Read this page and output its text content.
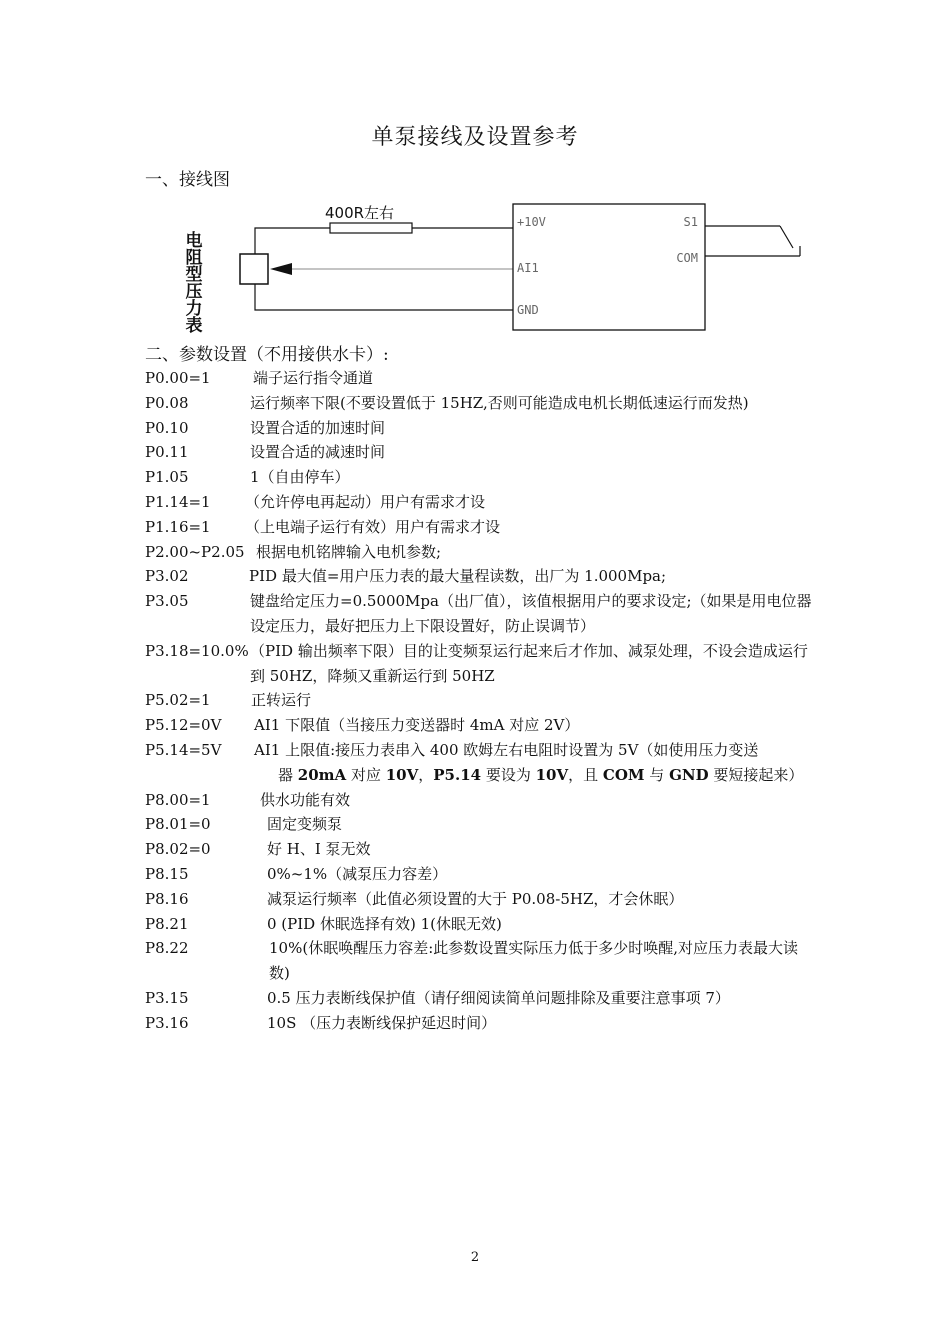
单泵接线及设置参考
一、接线图
电
阻
型
压
力
表
400R左右	+10V
AI1
GND
S1
COM
二、参数设置（不用接供水卡）:
P0.00=1	端子运行指令通道
P0.08	运行频率下限(不要设置低于 15HZ,否则可能造成电机长期低速运行而发热)
P0.10	设置合适的加速时间
P0.11	设置合适的减速时间
P1.05	1（自由停车）
P1.14=1 （允许停电再起动）用户有需求才设
P1.16=1 （上电端子运行有效）用户有需求才设
P2.00~P2.05 根据电机铭牌输入电机参数;
P3.02	PID 最大值=用户压力表的最大量程读数，出厂为 1.000Mpa;
P3.05	键盘给定压力=0.5000Mpa（出厂值），该值根据用户的要求设定;（如果是用电位器设定压力，最好把压力上下限设置好，防止误调节）
P3.18=10.0% （PID 输出频率下限）目的让变频泵运行起来后才作加、减泵处理，不设会造成运行到 50HZ，降频又重新运行到 50HZ
P5.02=1	正转运行
P5.12=0V AI1 下限值（当接压力变送器时 4mA 对应 2V）
P5.14=5V AI1 上限值:接压力表串入 400 欧姆左右电阻时设置为 5V（如使用压力变送
器 20mA 对应 10V，P5.14 要设为 10V，且 COM 与 GND 要短接起来）
P8.00=1	供水功能有效
P8.01=0	固定变频泵
P8.02=0	好 H、I 泵无效
P8.15	0%~1%（减泵压力容差）
P8.16	减泵运行频率（此值必须设置的大于 P0.08-5HZ，才会休眠）
P8.21	0 (PID 休眠选择有效) 1(休眠无效)
P8.22	10%(休眠唤醒压力容差:此参数设置实际压力低于多少时唤醒,对应压力表最大读数)
P3.15	0.5 压力表断线保护值（请仔细阅读简单问题排除及重要注意事项 7）
P3.16	10S （压力表断线保护延迟时间）
2
